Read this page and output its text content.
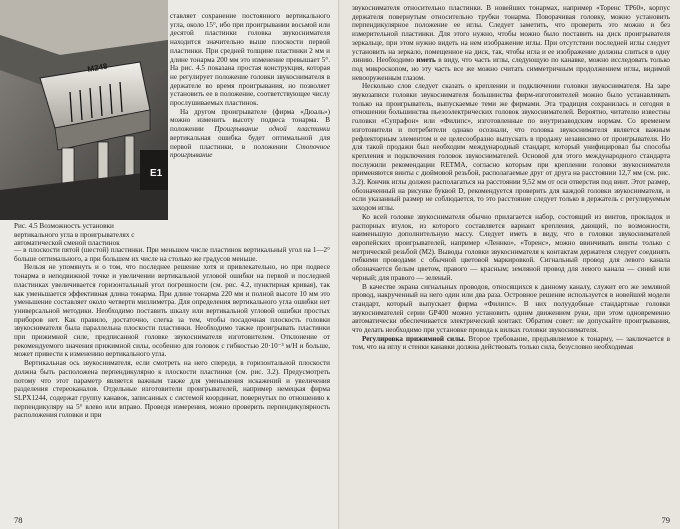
E1
M248
Рис. 4.5 Возможность установки вертикального угла в проигрывателях с автоматической сменой пластинок

ставляет сохранение постоянного вертикального угла, около 15°, ибо при проигрывании восьмой или десятой пластинки головка звукоснимателя находится значительно выше плоскости первой пластинки. При средней толщине пластинки 2 мм и длине тонарма 200 мм это изменение превышает 5°. На рис. 4.5 показана простая конструкция, которая не регулирует положение головки звукоснимателя в держателе во время проигрывания, но позволяет установить ее в положение, соответствующее числу прослушиваемых пластинок.

На другом проигрывателе (фирма «Дюаль») можно изменить высоту подвеса тонарма. В положении Проигрывание одной пластинки вертикальная ошибка будет оптимальной для первой пластинки, в положении Стопочное проигрывание

— в плоскости пятой (шестой) пластинки. При меньшем числе пластинок вертикальный угол на 1—2° больше оптимального, а при большем их числе на столько же градусов меньше.

Нельзя не упомянуть и о том, что последнее решение хотя и привлекательно, но при подвесе тонарма в неподвижной точке и увеличении вертикальной угловой ошибки на первой и последней пластинках увеличивается горизонтальный угол погрешности (см. рис. 4.2, пунктирная кривая), так как уменьшается эффективная длина тонарма. При длине тонарма 220 мм и полной высоте 10 мм это уменьшение составляет около четверти миллиметра. Для определения вертикального угла ошибки нет универсальной методики. Необходимо поставить шкалу или вертикальной угловой ошибки простых приборов нет. Как правило, достаточно, слегка за тем, чтобы посадочная плоскость головки звукоснимателя была параллельна плоскости пластинки. Необходимо также проигрывать пластинки при прижимной силе, предписанной головке звукоснимателя изготовителем. Отклонение от рекомендуемого значения прижимной силы, особенно для головок с гибкостью 20·10⁻³ м/Н и больше, может привести к изменению вертикального угла.

Вертикальная ось звукоснимателя, если смотреть на него спереди, в горизонтальной плоскости должна быть расположена перпендикулярно к плоскости пластинки (см. рис. 3.2). Предусмотреть потому что этот параметр является важным также для уменьшения искажений и увеличения разделения стереоканалов. Отдельные изготовители проигрывателей, например немецкая фирма SLPX1244, содержат группу канавок, записанных с системой координат, повернутых по отношению к перпендикуляру на 5° влево или вправо. Проведя измерения, можно проверить перпендикулярность расположения головки и при

78

звукоснимателя относительно пластинки. В новейших тонармах, например «Торенс ТР60», корпус держателя повернутым относительно трубки тонарма. Поворачивая головку, можно установить перпендикулярное положение ее иглы. Следует заметить, что проверить это можно и без измерительной пластинки. Для этого нужно, чтобы можно было поставить на диск проигрывателя зеркальце, при этом нужно видеть на нем изображение иглы. При отсутствии последней иглы следует установить на зеркало, помещенное на диск, так, чтобы игла и ее изображение должны слиться в одну линию. Необходимо иметь в виду, что часть иглы, следующую по канавке, можно исследовать только под микроскопом, но эту часть все же можно считать симметричным продолжением иглы, видимой невооруженным глазом.

Несколько слов следует сказать о креплении и подключении головки звукоснимателя. На заре звукозаписи головки звукоснимателя большинства фирм-изготовителей можно было устанавливать только на проигрыватель, выпускаемые теми же фирмами. Эта традиция сохранилась и сегодня в отношении большинства пьезоэлектрических головок звукоснимателей. Вероятно, читателю известны головки «Супрафон» или «Филипс», изготовленные по внутризаводским нормам. Со временем изготовители и потребители однако осознали, что головка звукоснимателя является важным рефлекторным элементом и ее целесообразно выпускать в продажу независимо от проигрывателя. Но для такой продажи был необходим международный стандарт, который унифицировал бы способы крепления и подключения головок звукоснимателей. Основой для этого международного стандарта послужили рекомендации RETMA, согласно которым при креплении головки звукоснимателя применяются винты с дюймовой резьбой, располагаемые друг от друга на расстоянии 12,7 мм (см. рис. 3.2). Кончик иглы должен располагаться на расстоянии 9,52 мм от оси отверстия под винт. Этот размер, обозначенный на рисунке буквой D, рекомендуется проверить для каждой головки звукоснимателя, и если указанный размер не соблюдается, то это расстояние следует только в держатель с регулируемым заходом иглы.

Ко всей головке звукоснимателя обычно прилагается набор, состоящий из винтов, прокладок и распорных втулок, из которого составляется вариант крепления, дающий, по возможности, наименьшую дополнительную массу. Следует иметь в виду, что в головки звукоснимателей европейских проигрывателей, например «Леннко», «Торенс», можно ввинчивать винты только с метрической резьбой (M2). Выводы головки звукоснимателя к контактам держателя следует соединять гибкими проводами с обычной цветовой маркировкой. Сигнальный провод для левого канала обозначается белым цветом, правого — красным; земляной провод для левого канала — синий или черный; для правого — зеленый.

В качестве экрана сигнальных проводов, относящихся к данному каналу, служит его же земляной провод, накрученный на него один или два раза. Островное решение используется в новейшей модели стандарт, который выпускает фирма «Филипс». В них полуудобные стандартные головки звукоснимателей серии GP400 можно установить одним движением руки, при этом одновременно автоматически обеспечивается электрический контакт. Обратим совет: не допускайте проигрывания, что делать необходимо при установке провода к вилках головки звукоснимателя.

Регулировка прижимной силы. Второе требование, предъявляемое к тонарму, — заключается в том, что на иглу и стенки канавки должна действовать только сила, безусловно необходимая

79
